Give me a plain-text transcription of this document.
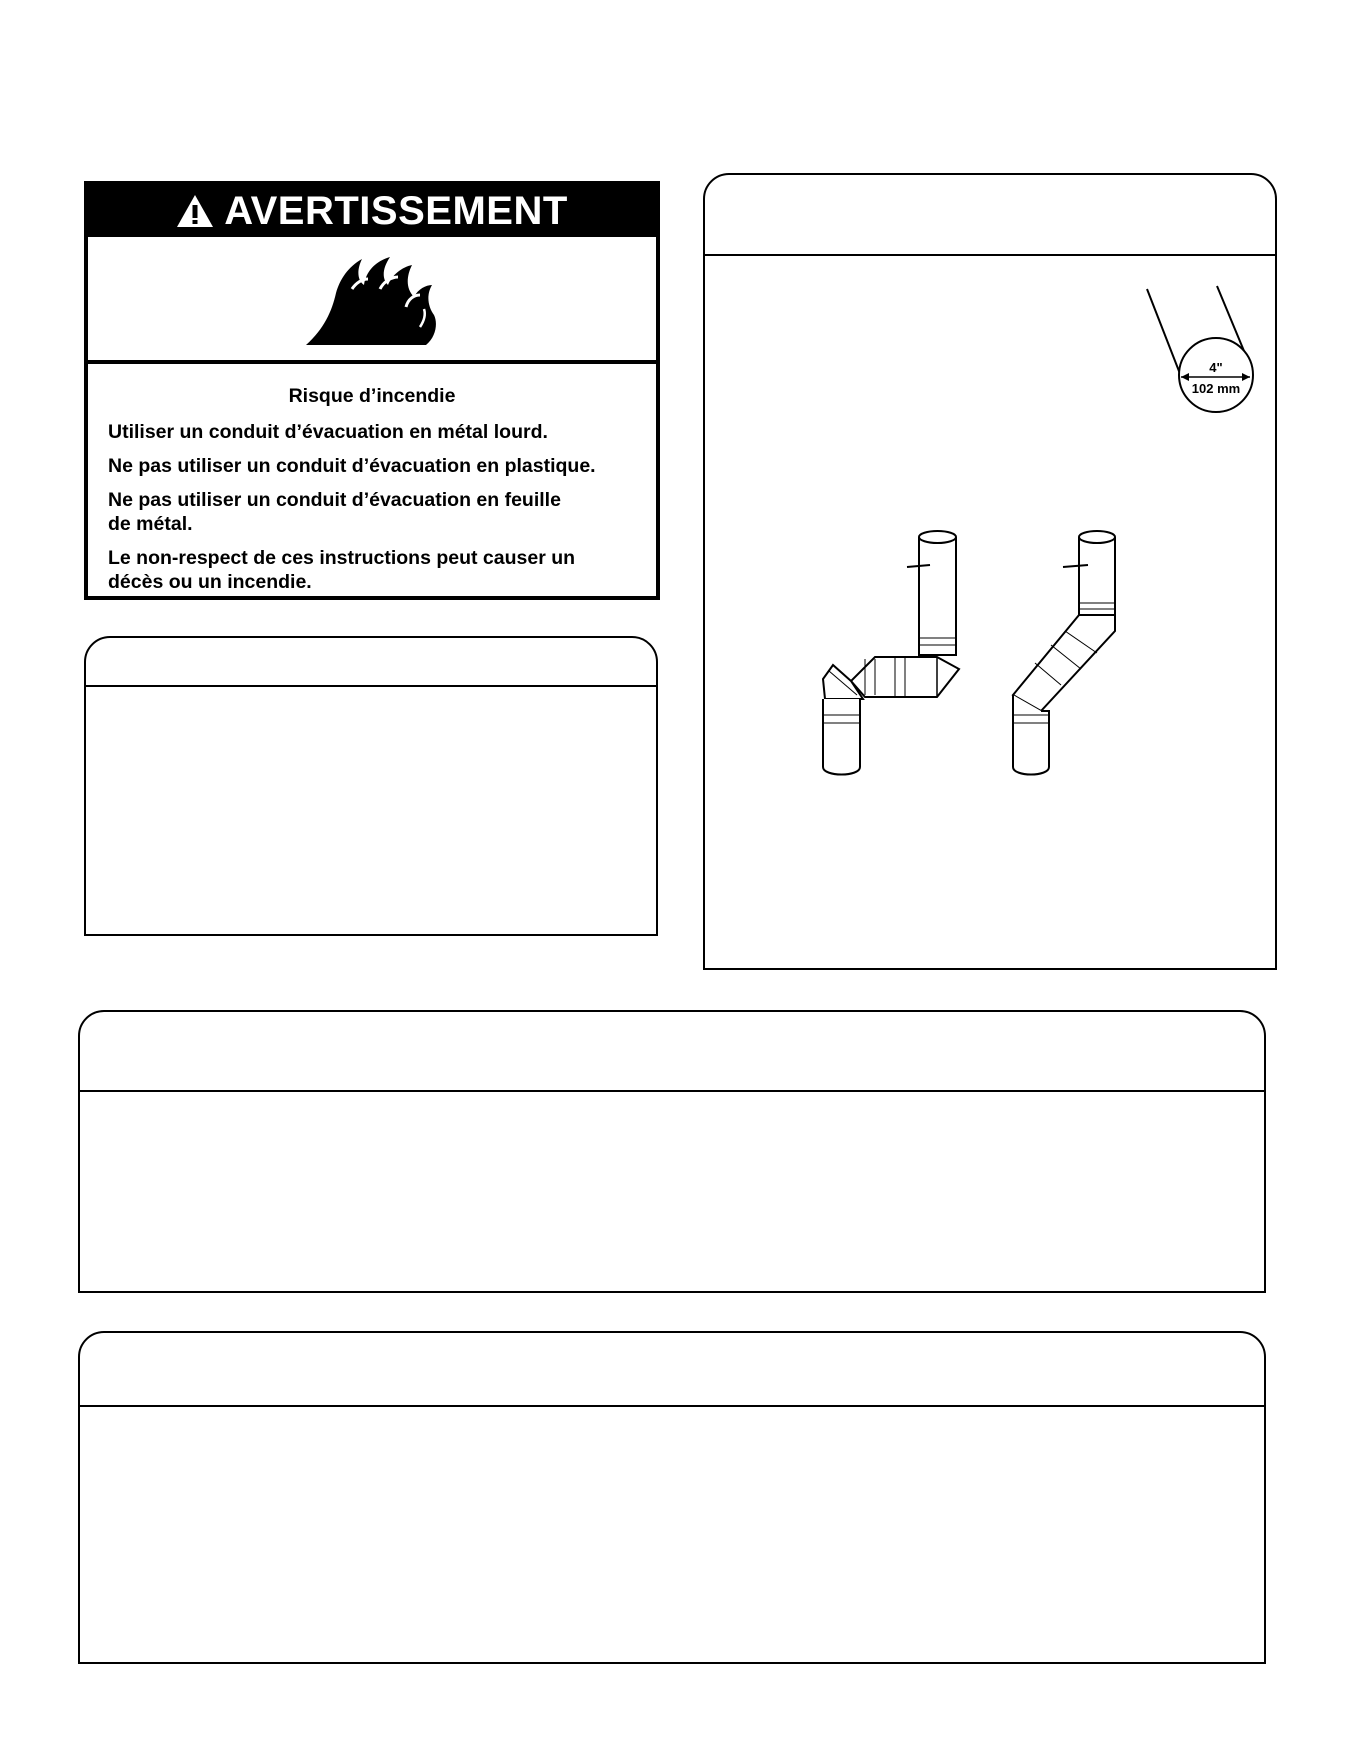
AVERTISSEMENT
Risque d’incendie

Utiliser un conduit d’évacuation en métal lourd.

Ne pas utiliser un conduit d’évacuation en plastique.

Ne pas utiliser un conduit d’évacuation en feuille de métal.

Le non-respect de ces instructions peut causer un décès ou un incendie.

4"
102 mm
